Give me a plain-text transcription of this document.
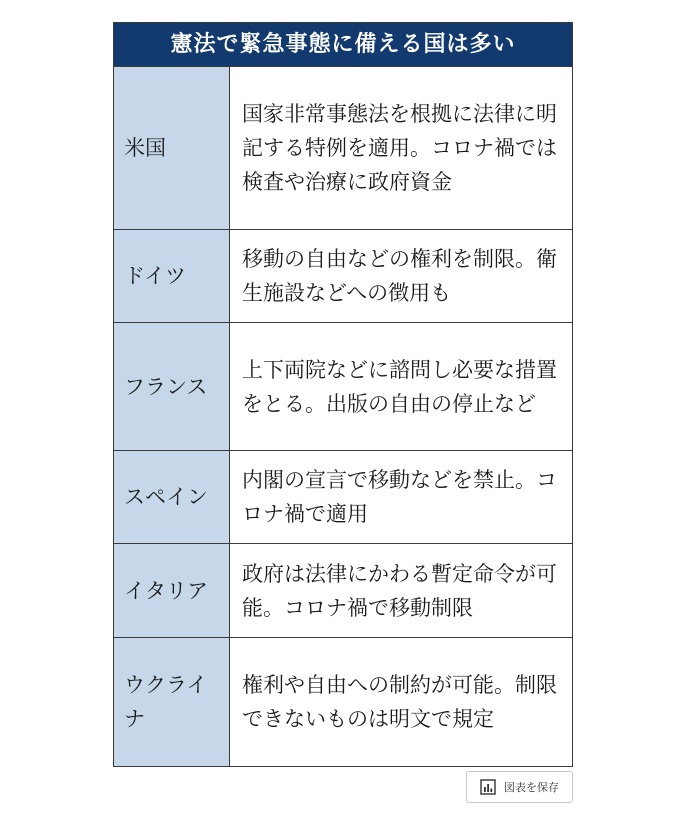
憲法で緊急事態に備える国は多い
米国
国家非常事態法を根拠に法律に明記する特例を適用。コロナ禍では検査や治療に政府資金
ドイツ
移動の自由などの権利を制限。衛生施設などへの徴用も
フランス
上下両院などに諮問し必要な措置をとる。出版の自由の停止など
スペイン
内閣の宣言で移動などを禁止。コロナ禍で適用
イタリア
政府は法律にかわる暫定命令が可能。コロナ禍で移動制限
ウクライナ
権利や自由への制約が可能。制限できないものは明文で規定
図表を保存
